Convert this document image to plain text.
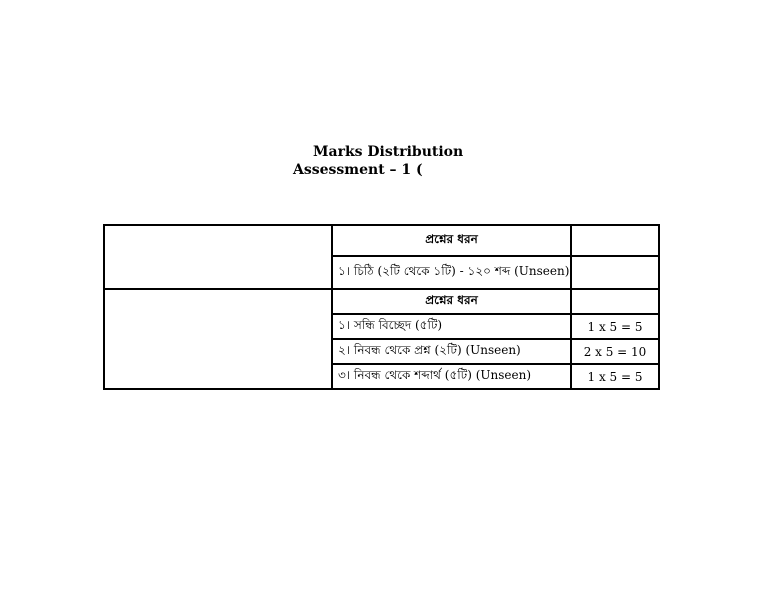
Marks Distribution
Assessment – 1 (
	প্রশ্নের ধরন	
	১। চিঠি (২টি থেকে ১টি) - ১২০ শব্দ (Unseen)	
	প্রশ্নের ধরন	
	১। সন্ধি বিচ্ছেদ (৫টি)	1 x 5 = 5
	২। নিবন্ধ থেকে প্রশ্ন (২টি) (Unseen)	2 x 5 = 10
	৩। নিবন্ধ থেকে শব্দার্থ (৫টি) (Unseen)	1 x 5 = 5
